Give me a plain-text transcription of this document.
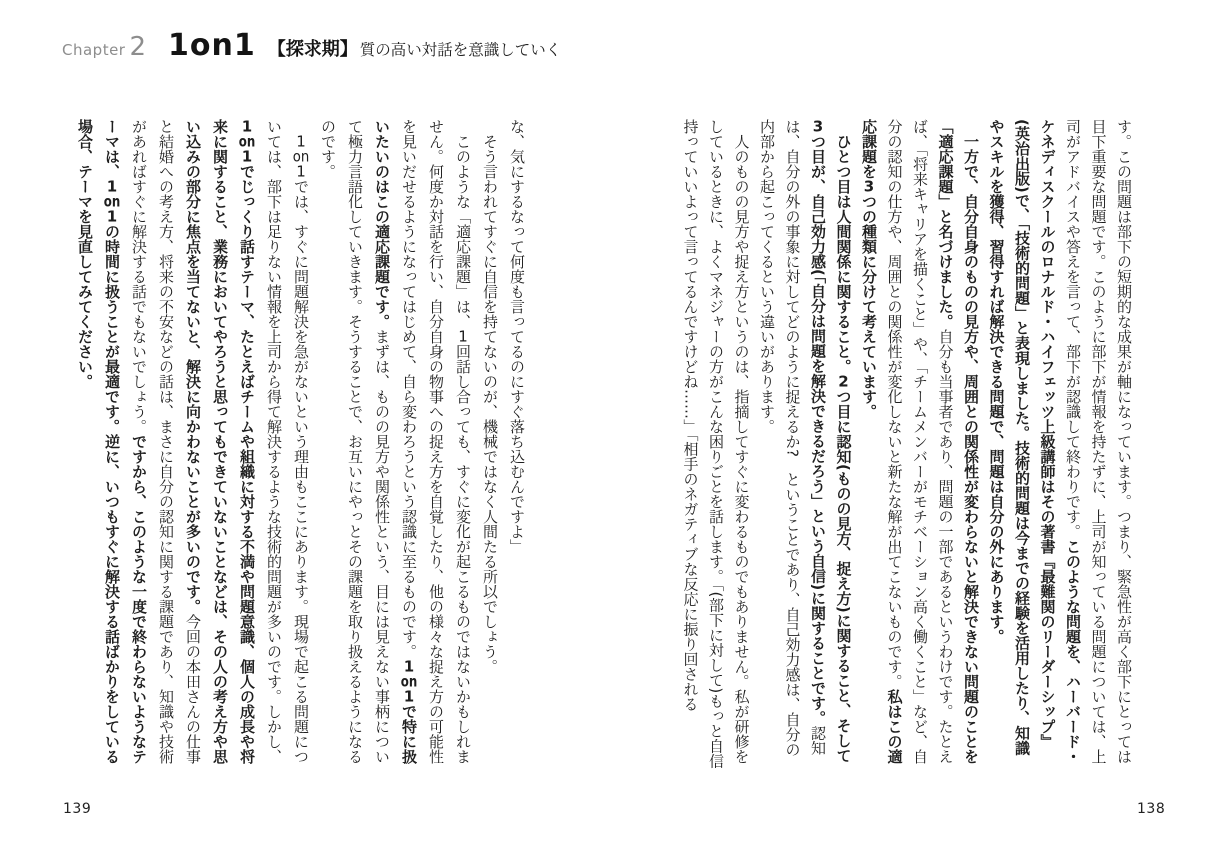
Chapter 2 1on1 【探求期】 質の高い対話を意識していく

な、気にするなって何度も言ってるのにすぐ落ち込むんですよ」

　そう言われてすぐに自信を持てないのが、機械ではなく人間たる所以でしょう。

　このような「適応課題」は、1回話し合っても、すぐに変化が起こるものではないかもしれません。何度か対話を行い、自分自身の物事への捉え方を自覚したり、他の様々な捉え方の可能性を見いだせるようになってはじめて、自ら変わろうという認識に至るものです。1on1で特に扱いたいのはこの適応課題です。まずは、ものの見方や関係性という、目には見えない事柄について極力言語化していきます。そうすることで、お互いにやっとその課題を取り扱えるようになるのです。

　1on1では、すぐに問題解決を急がないという理由もここにあります。現場で起こる問題については、部下は足りない情報を上司から得て解決するような技術的問題が多いのです。しかし、1on1でじっくり話すテーマ、たとえばチームや組織に対する不満や問題意識、個人の成長や将来に関すること、業務においてやろうと思ってもできていないことなどは、その人の考え方や思い込みの部分に焦点を当てないと、解決に向かわないことが多いのです。今回の本田さんの仕事と結婚への考え方、将来の不安などの話は、まさに自分の認知に関する課題であり、知識や技術があればすぐに解決する話でもないでしょう。ですから、このような一度で終わらないようなテーマは、1on1の時間に扱うことが最適です。逆に、いつもすぐに解決する話ばかりをしている場合、テーマを見直してみてください。	す。この問題は部下の短期的な成果が軸になっています。つまり、緊急性が高く部下にとっては目下重要な問題です。このように部下が情報を持たずに、上司が知っている問題については、上司がアドバイスや答えを言って、部下が認識して終わりです。このような問題を、ハーバード・ケネディスクールのロナルド・ハイフェッツ上級講師はその著書『最難関のリーダーシップ』(英治出版)で、「技術的問題」と表現しました。技術的問題は今までの経験を活用したり、知識やスキルを獲得、習得すれば解決できる問題で、問題は自分の外にあります。

　一方で、自分自身のものの見方や、周囲との関係性が変わらないと解決できない問題のことを「適応課題」と名づけました。自分も当事者であり、問題の一部であるというわけです。たとえば、「将来キャリアを描くこと」や、「チームメンバーがモチベーション高く働くこと」など、自分の認知の仕方や、周囲との関係性が変化しないと新たな解が出てこないものです。私はこの適応課題を3つの種類に分けて考えています。

　ひとつ目は人間関係に関すること。2つ目に認知(ものの見方、捉え方)に関すること、そして3つ目が、自己効力感(「自分は問題を解決できるだろう」という自信)に関することです。認知は、自分の外の事象に対してどのように捉えるか?　ということであり、自己効力感は、自分の内部から起こってくるという違いがあります。

　人のものの見方や捉え方というのは、指摘してすぐに変わるものでもありません。私が研修をしているときに、よくマネジャーの方がこんな困りごとを話します。「(部下に対して)もっと自信持っていいよって言ってるんですけどね……」「相手のネガティブな反応に振り回される

139	138
